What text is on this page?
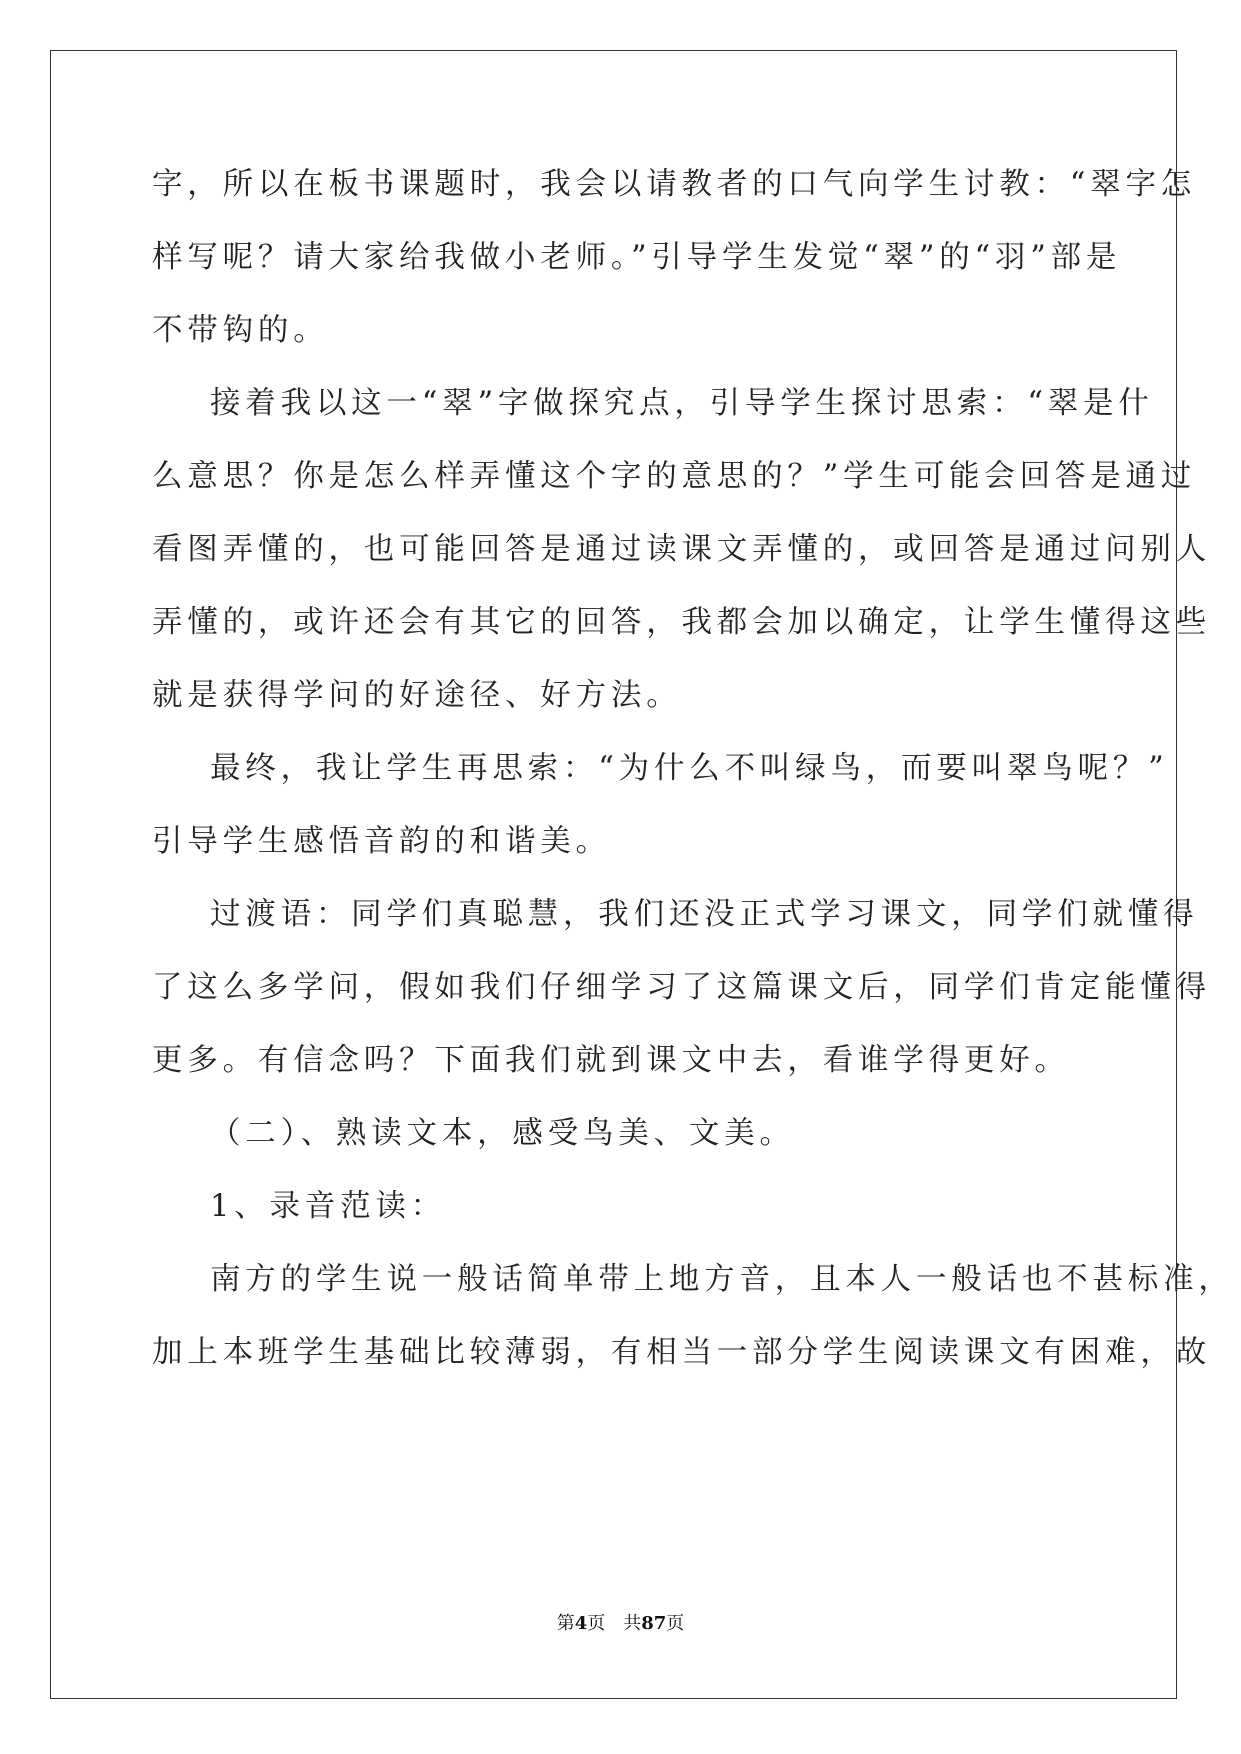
字，所以在板书课题时，我会以请教者的口气向学生讨教：“翠字怎
样写呢？请大家给我做小老师。”引导学生发觉“翠”的“羽”部是
不带钩的。
接着我以这一“翠”字做探究点，引导学生探讨思索：“翠是什
么意思？你是怎么样弄懂这个字的意思的？”学生可能会回答是通过
看图弄懂的，也可能回答是通过读课文弄懂的，或回答是通过问别人
弄懂的，或许还会有其它的回答，我都会加以确定，让学生懂得这些
就是获得学问的好途径、好方法。
最终，我让学生再思索：“为什么不叫绿鸟，而要叫翠鸟呢？”
引导学生感悟音韵的和谐美。
过渡语：同学们真聪慧，我们还没正式学习课文，同学们就懂得
了这么多学问，假如我们仔细学习了这篇课文后，同学们肯定能懂得
更多。有信念吗？下面我们就到课文中去，看谁学得更好。
（二）、熟读文本，感受鸟美、文美。
1、录音范读：
南方的学生说一般话简单带上地方音，且本人一般话也不甚标准，
加上本班学生基础比较薄弱，有相当一部分学生阅读课文有困难，故
第4页 共87页
